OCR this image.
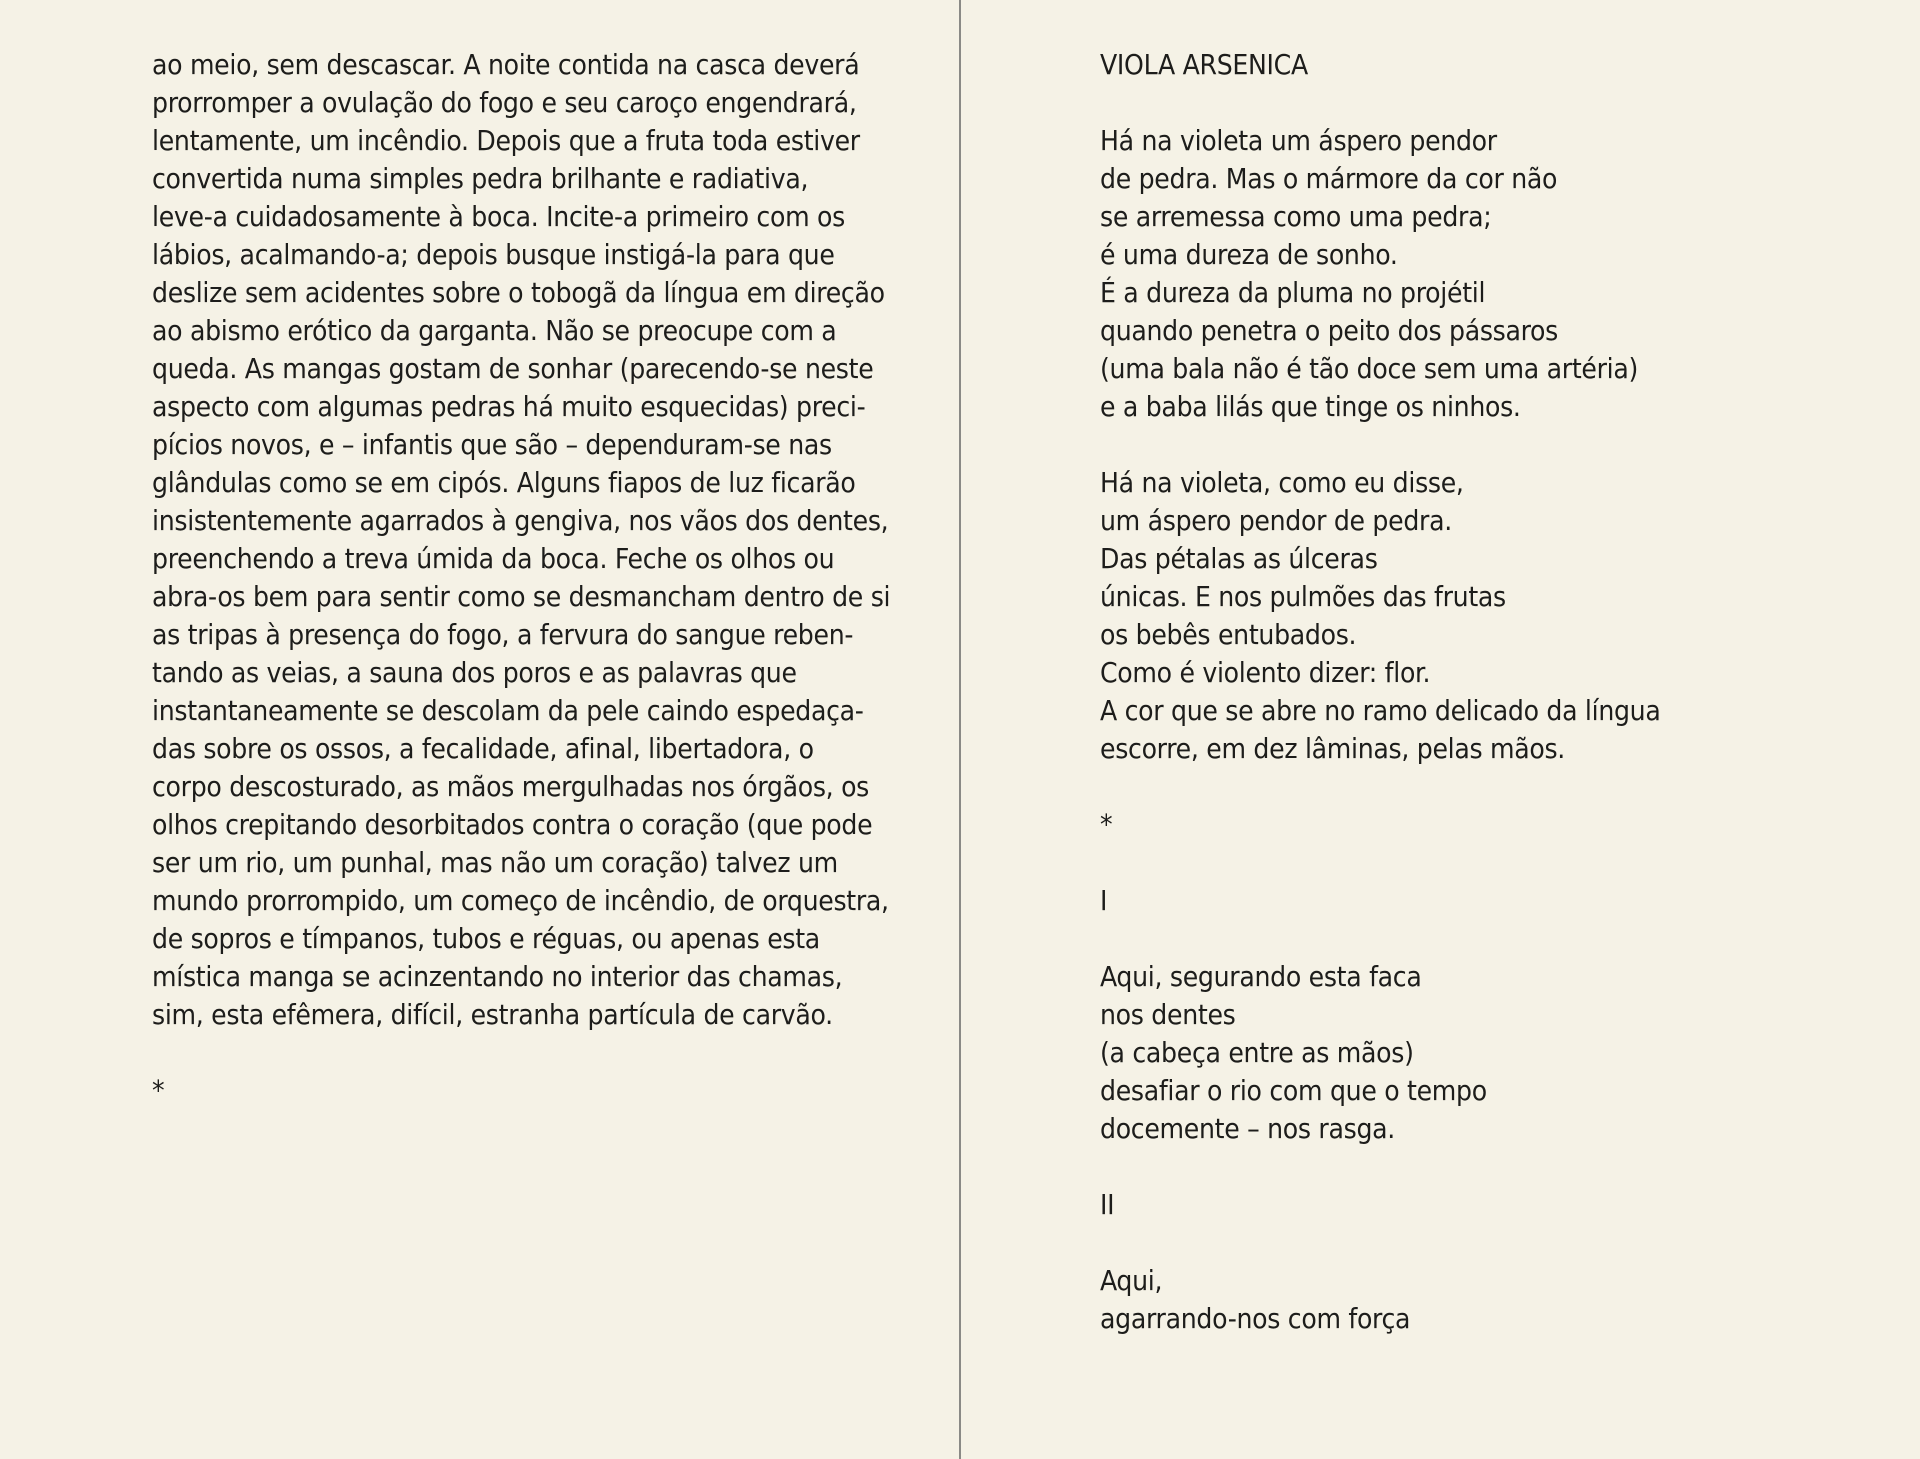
ao meio, sem descascar. A noite contida na casca deverá
prorromper a ovulação do fogo e seu caroço engendrará,
lentamente, um incêndio. Depois que a fruta toda estiver
convertida numa simples pedra brilhante e radiativa,
leve-a cuidadosamente à boca. Incite-a primeiro com os
lábios, acalmando-a; depois busque instigá-la para que
deslize sem acidentes sobre o tobogã da língua em direção
ao abismo erótico da garganta. Não se preocupe com a
queda. As mangas gostam de sonhar (parecendo-se neste
aspecto com algumas pedras há muito esquecidas) preci-
pícios novos, e – infantis que são – dependuram-se nas
glândulas como se em cipós. Alguns fiapos de luz ficarão
insistentemente agarrados à gengiva, nos vãos dos dentes,
preenchendo a treva úmida da boca. Feche os olhos ou
abra-os bem para sentir como se desmancham dentro de si
as tripas à presença do fogo, a fervura do sangue reben-
tando as veias, a sauna dos poros e as palavras que
instantaneamente se descolam da pele caindo espedaça-
das sobre os ossos, a fecalidade, afinal, libertadora, o
corpo descosturado, as mãos mergulhadas nos órgãos, os
olhos crepitando desorbitados contra o coração (que pode
ser um rio, um punhal, mas não um coração) talvez um
mundo prorrompido, um começo de incêndio, de orquestra,
de sopros e tímpanos, tubos e réguas, ou apenas esta
mística manga se acinzentando no interior das chamas,
sim, esta efêmera, difícil, estranha partícula de carvão.
*
VIOLA ARSENICA
Há na violeta um áspero pendor
de pedra. Mas o mármore da cor não
se arremessa como uma pedra;
é uma dureza de sonho.
É a dureza da pluma no projétil
quando penetra o peito dos pássaros
(uma bala não é tão doce sem uma artéria)
e a baba lilás que tinge os ninhos.
Há na violeta, como eu disse,
um áspero pendor de pedra.
Das pétalas as úlceras
únicas. E nos pulmões das frutas
os bebês entubados.
Como é violento dizer: flor.
A cor que se abre no ramo delicado da língua
escorre, em dez lâminas, pelas mãos.
*
I
Aqui, segurando esta faca
nos dentes
(a cabeça entre as mãos)
desafiar o rio com que o tempo
docemente – nos rasga.
II
Aqui,
agarrando-nos com força
